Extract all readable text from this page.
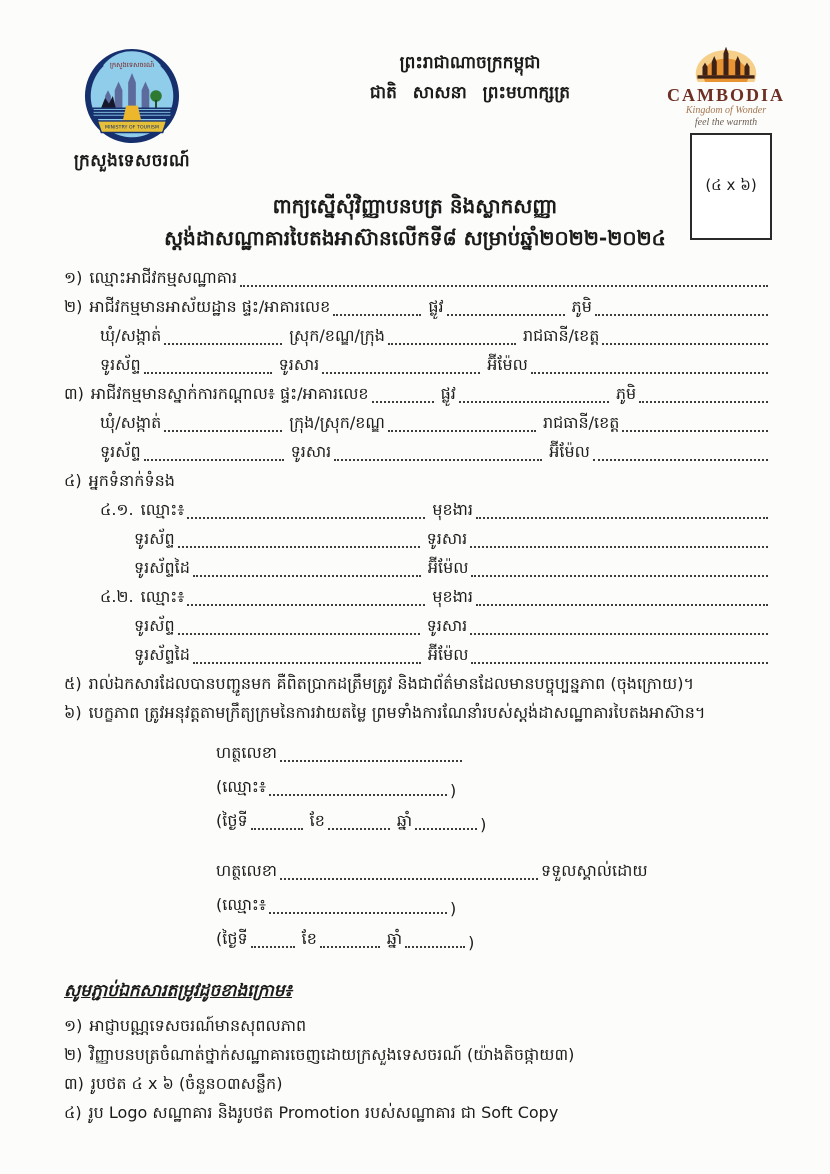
ក្រសួងទេសចរណ៍
MINISTRY OF TOURISM
ក្រសួងទេសចរណ៍
ព្រះរាជាណាចក្រកម្ពុជា
ជាតិ សាសនា ព្រះមហាក្សត្រ	CAMBODIA
Kingdom of Wonder
feel the warmth
(៤ x ៦)
ពាក្យស្នើសុំវិញ្ញាបនបត្រ និងស្លាកសញ្ញា
ស្តង់ដាសណ្ឋាគារបៃតងអាស៊ានលើកទី៨ សម្រាប់ឆ្នាំ២០២២-២០២៤
១) ឈ្មោះអាជីវកម្មសណ្ឋាគារ
២) អាជីវកម្មមានអាស័យដ្ឋាន ផ្ទះ/អាគារលេខ	ផ្លូវ	ភូមិ
ឃុំ/សង្កាត់	ស្រុក/ខណ្ឌ/ក្រុង	រាជធានី/ខេត្ត
ទូរស័ព្ទ	ទូរសារ	អ៊ីម៉ែល
៣) អាជីវកម្មមានស្នាក់ការកណ្តាល៖ ផ្ទះ/អាគារលេខ	ផ្លូវ	ភូមិ
ឃុំ/សង្កាត់	ក្រុង/ស្រុក/ខណ្ឌ	រាជធានី/ខេត្ត
ទូរស័ព្ទ	ទូរសារ	អ៊ីម៉ែល
៤) អ្នកទំនាក់ទំនង
៤.១. ឈ្មោះ៖	មុខងារ
ទូរស័ព្ទ	ទូរសារ
ទូរស័ព្ទដៃ	អ៊ីម៉ែល
៤.២. ឈ្មោះ៖	មុខងារ
ទូរស័ព្ទ	ទូរសារ
ទូរស័ព្ទដៃ	អ៊ីម៉ែល
៥) រាល់ឯកសារដែលបានបញ្ជូនមក គឺពិតប្រាកដត្រឹមត្រូវ និងជាព័ត៌មានដែលមានបច្ចុប្បន្នភាព (ចុងក្រោយ)។
៦) បេក្ខភាព ត្រូវអនុវត្តតាមក្រឹត្យក្រមនៃការវាយតម្លៃ ព្រមទាំងការណែនាំរបស់ស្តង់ដាសណ្ឋាគារបៃតងអាស៊ាន។
ហត្ថលេខា
(ឈ្មោះ៖	)
(ថ្ងៃទី	ខែ	ឆ្នាំ	)
ហត្ថលេខា	ទទួលស្គាល់ដោយ
(ឈ្មោះ៖	)
(ថ្ងៃទី	ខែ	ឆ្នាំ	)
សូមភ្ជាប់ឯកសារតម្រូវដូចខាងក្រោម៖
១) អាជ្ញាបណ្ណទេសចរណ៍មានសុពលភាព
២) វិញ្ញាបនបត្រចំណាត់ថ្នាក់សណ្ឋាគារចេញដោយក្រសួងទេសចរណ៍ (យ៉ាងតិចផ្កាយ៣)
៣) រូបថត ៤ x ៦ (ចំនួន០៣សន្លឹក)
៤) រូប Logo សណ្ឋាគារ និងរូបថត Promotion របស់សណ្ឋាគារ ជា Soft Copy
